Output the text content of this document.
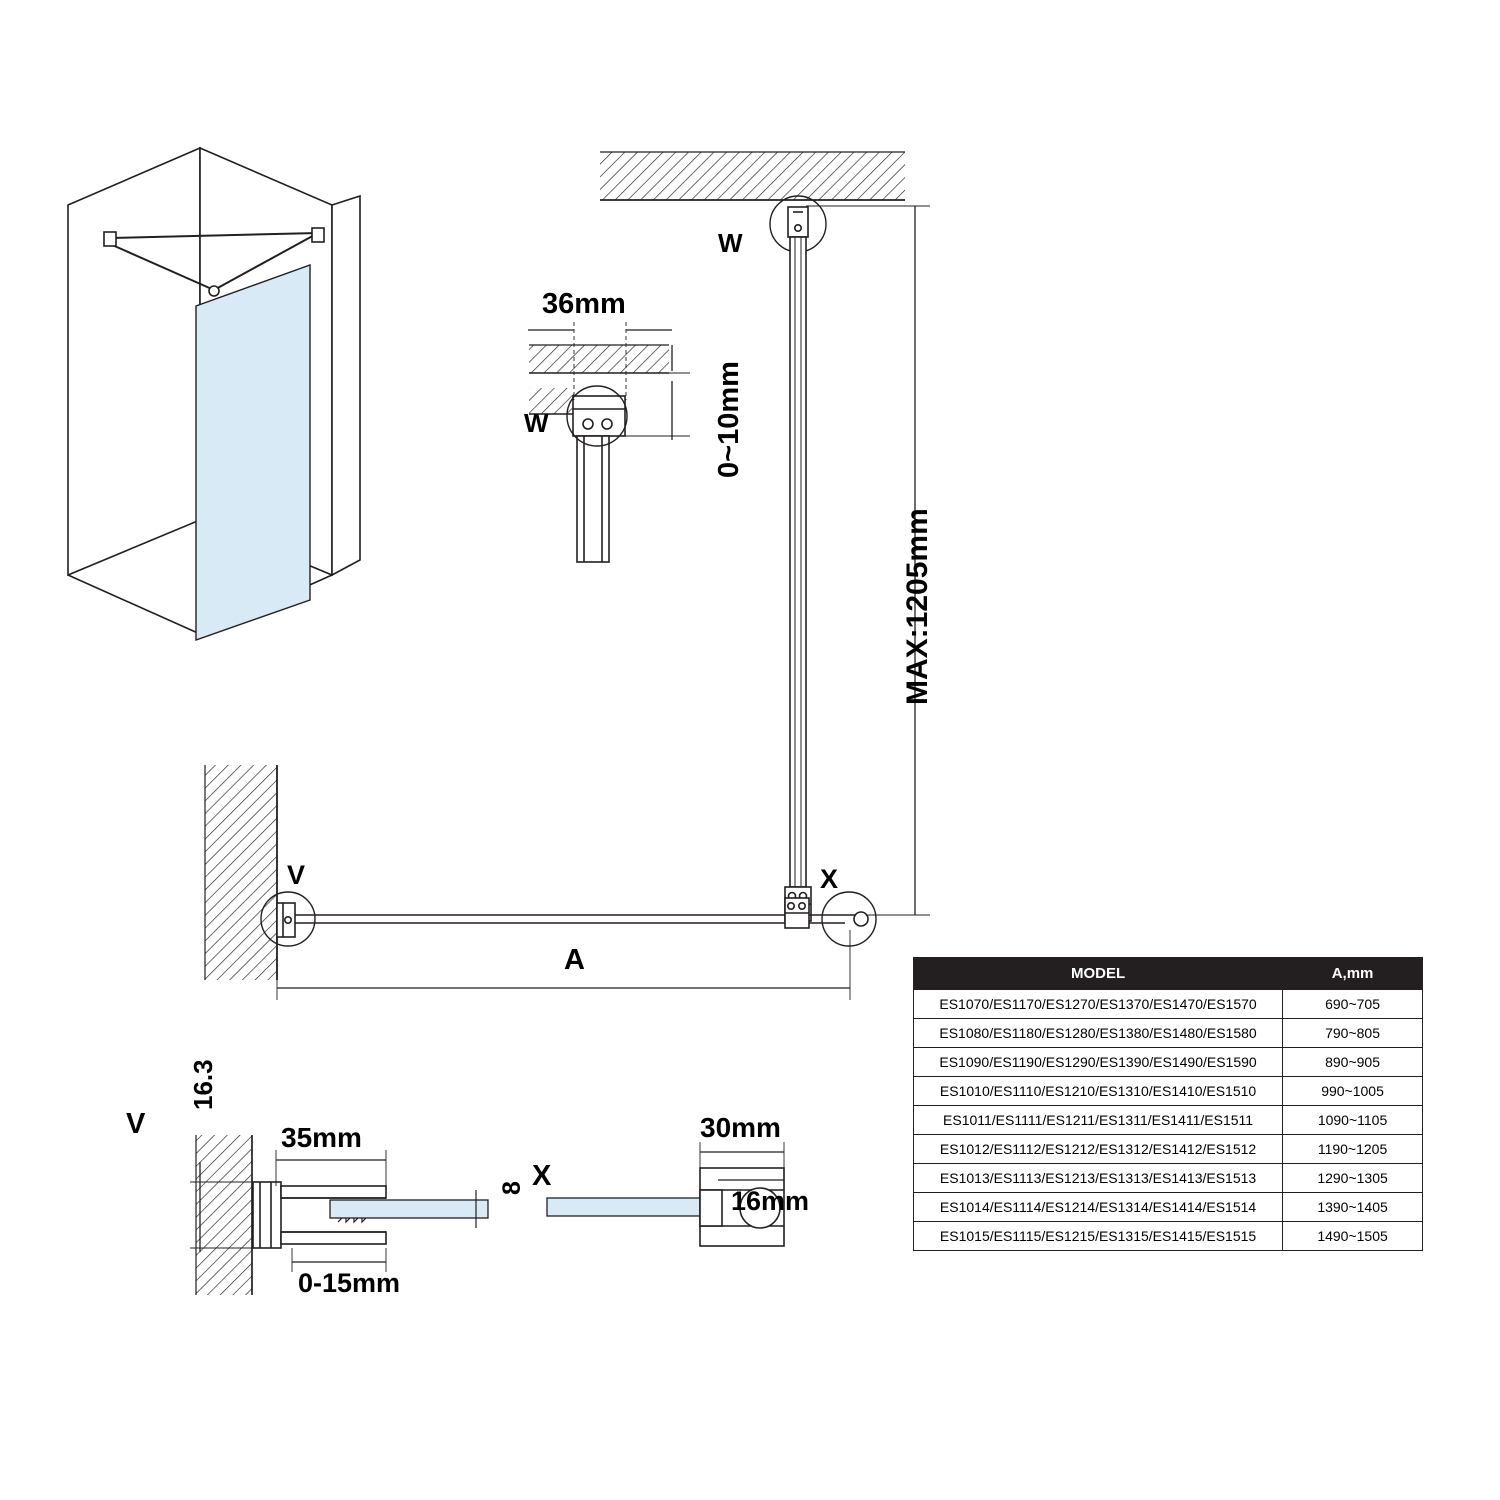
W
W
36mm
0~10mm
MAX:1205mm
V	X
A
V
16.3
35mm
0-15mm
8 X
30mm
16mm
MODEL	A,mm
ES1070/ES1170/ES1270/ES1370/ES1470/ES1570	690~705
ES1080/ES1180/ES1280/ES1380/ES1480/ES1580	790~805
ES1090/ES1190/ES1290/ES1390/ES1490/ES1590	890~905
ES1010/ES1110/ES1210/ES1310/ES1410/ES1510	990~1005
ES1011/ES1111/ES1211/ES1311/ES1411/ES1511	1090~1105
ES1012/ES1112/ES1212/ES1312/ES1412/ES1512	1190~1205
ES1013/ES1113/ES1213/ES1313/ES1413/ES1513	1290~1305
ES1014/ES1114/ES1214/ES1314/ES1414/ES1514	1390~1405
ES1015/ES1115/ES1215/ES1315/ES1415/ES1515	1490~1505
